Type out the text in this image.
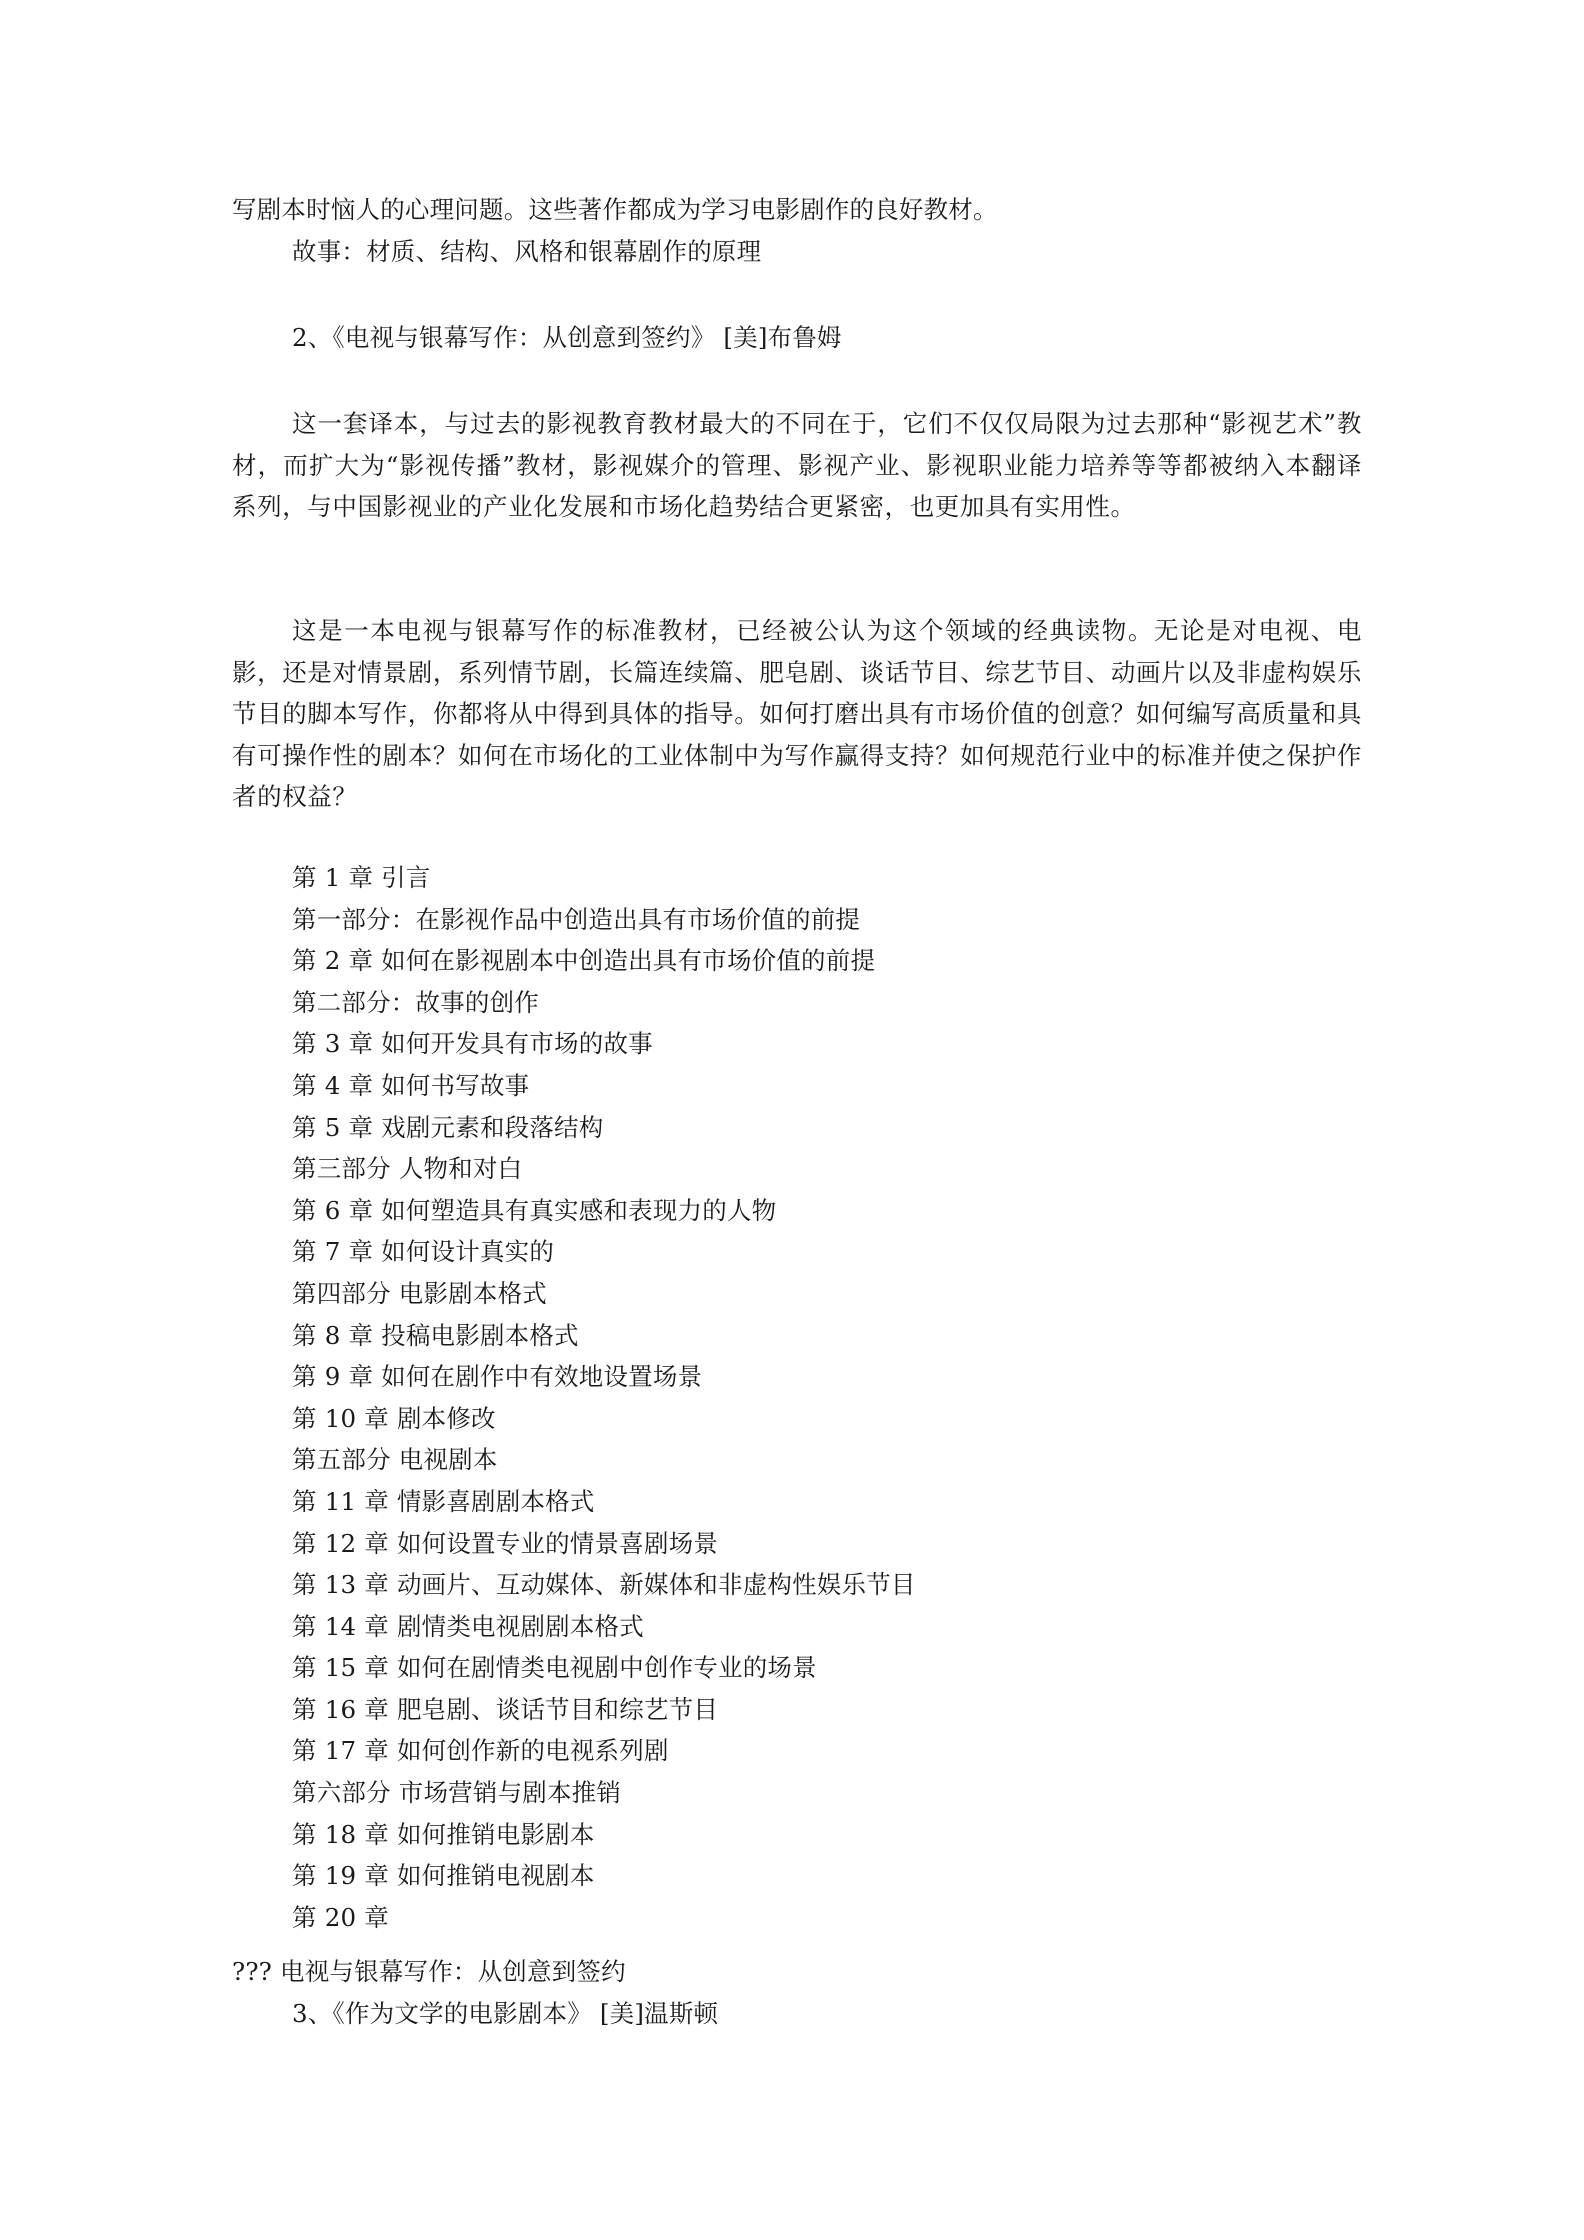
写剧本时恼人的心理问题。这些著作都成为学习电影剧作的良好教材。
故事：材质、结构、风格和银幕剧作的原理
2、《电视与银幕写作：从创意到签约》 [美]布鲁姆

这一套译本，与过去的影视教育教材最大的不同在于，它们不仅仅局限为过去那种“影视艺术”教材，而扩大为“影视传播”教材，影视媒介的管理、影视产业、影视职业能力培养等等都被纳入本翻译系列，与中国影视业的产业化发展和市场化趋势结合更紧密，也更加具有实用性。

这是一本电视与银幕写作的标准教材，已经被公认为这个领域的经典读物。无论是对电视、电影，还是对情景剧，系列情节剧，长篇连续篇、肥皂剧、谈话节目、综艺节目、动画片以及非虚构娱乐节目的脚本写作，你都将从中得到具体的指导。如何打磨出具有市场价值的创意？如何编写高质量和具有可操作性的剧本？如何在市场化的工业体制中为写作赢得支持？如何规范行业中的标准并使之保护作者的权益？

第 1 章 引言
第一部分：在影视作品中创造出具有市场价值的前提
第 2 章 如何在影视剧本中创造出具有市场价值的前提
第二部分：故事的创作
第 3 章 如何开发具有市场的故事
第 4 章 如何书写故事
第 5 章 戏剧元素和段落结构
第三部分 人物和对白
第 6 章 如何塑造具有真实感和表现力的人物
第 7 章 如何设计真实的
第四部分 电影剧本格式
第 8 章 投稿电影剧本格式
第 9 章 如何在剧作中有效地设置场景
第 10 章 剧本修改
第五部分 电视剧本
第 11 章 情影喜剧剧本格式
第 12 章 如何设置专业的情景喜剧场景
第 13 章 动画片、互动媒体、新媒体和非虚构性娱乐节目
第 14 章 剧情类电视剧剧本格式
第 15 章 如何在剧情类电视剧中创作专业的场景
第 16 章 肥皂剧、谈话节目和综艺节目
第 17 章 如何创作新的电视系列剧
第六部分 市场营销与剧本推销
第 18 章 如何推销电影剧本
第 19 章 如何推销电视剧本
第 20 章
??? 电视与银幕写作：从创意到签约
3、《作为文学的电影剧本》 [美]温斯顿
